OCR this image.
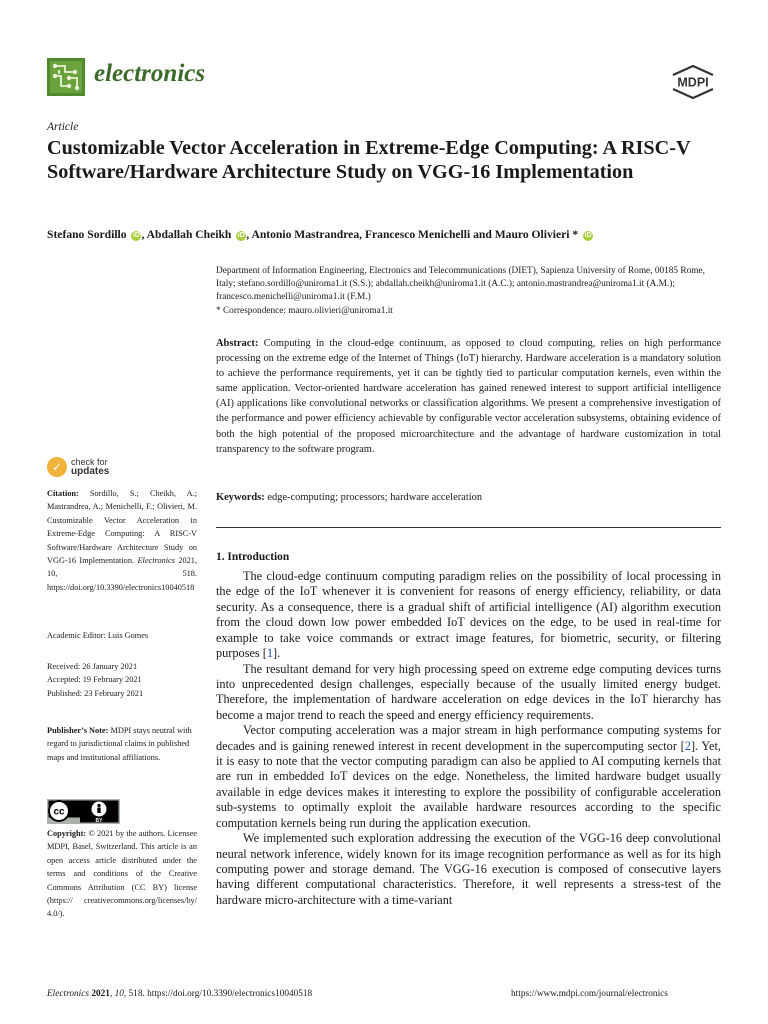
electronics	MDPI
Article
Customizable Vector Acceleration in Extreme-Edge Computing: A RISC-V Software/Hardware Architecture Study on VGG-16 Implementation
Stefano Sordillo iD , Abdallah Cheikh iD , Antonio Mastrandrea, Francesco Menichelli and Mauro Olivieri * iD
Department of Information Engineering, Electronics and Telecommunications (DIET), Sapienza University of Rome, 00185 Rome, Italy; stefano.sordillo@uniroma1.it (S.S.); abdallah.cheikh@uniroma1.it (A.C.); antonio.mastrandrea@uniroma1.it (A.M.); francesco.menichelli@uniroma1.it (F.M.)
* Correspondence: mauro.olivieri@uniroma1.it
Abstract: Computing in the cloud-edge continuum, as opposed to cloud computing, relies on high performance processing on the extreme edge of the Internet of Things (IoT) hierarchy. Hardware acceleration is a mandatory solution to achieve the performance requirements, yet it can be tightly tied to particular computation kernels, even within the same application. Vector-oriented hardware acceleration has gained renewed interest to support artificial intelligence (AI) applications like convolutional networks or classification algorithms. We present a comprehensive investigation of the performance and power efficiency achievable by configurable vector acceleration subsystems, obtaining evidence of both the high potential of the proposed microarchitecture and the advantage of hardware customization in total transparency to the software program.
Keywords: edge-computing; processors; hardware acceleration
✓ check for
updates
Citation: Sordillo, S.; Cheikh, A.; Mastrandrea, A.; Menichelli, F.; Olivieri, M. Customizable Vector Acceleration in Extreme-Edge Computing: A RISC-V Software/Hardware Architecture Study on VGG-16 Implementation. Electronics 2021, 10, 518. https://doi.org/10.3390/electronics10040518
Academic Editor: Luis Gomes
Received: 26 January 2021
Accepted: 19 February 2021
Published: 23 February 2021
Publisher’s Note: MDPI stays neutral with regard to jurisdictional claims in published maps and institutional affiliations.
cc
BY
Copyright: © 2021 by the authors. Licensee MDPI, Basel, Switzerland. This article is an open access article distributed under the terms and conditions of the Creative Commons Attribution (CC BY) license (https:// creativecommons.org/licenses/by/ 4.0/).
1. Introduction

The cloud-edge continuum computing paradigm relies on the possibility of local processing in the edge of the IoT whenever it is convenient for reasons of energy efficiency, reliability, or data security. As a consequence, there is a gradual shift of artificial intelligence (AI) algorithm execution from the cloud down low power embedded IoT devices on the edge, to be used in real-time for example to take voice commands or extract image features, for biometric, security, or filtering purposes [1].

The resultant demand for very high processing speed on extreme edge computing devices turns into unprecedented design challenges, especially because of the usually limited energy budget. Therefore, the implementation of hardware acceleration on edge devices in the IoT hierarchy has become a major trend to reach the speed and energy efficiency requirements.

Vector computing acceleration was a major stream in high performance computing systems for decades and is gaining renewed interest in recent development in the supercomputing sector [2]. Yet, it is easy to note that the vector computing paradigm can also be applied to AI computing kernels that are run in embedded IoT devices on the edge. Nonetheless, the limited hardware budget usually available in edge devices makes it interesting to explore the possibility of configurable acceleration sub-systems to optimally exploit the available hardware resources according to the specific computation kernels being run during the application execution.

We implemented such exploration addressing the execution of the VGG-16 deep convolutional neural network inference, widely known for its image recognition performance as well as for its high computing power and storage demand. The VGG-16 execution is composed of consecutive layers having different computational characteristics. Therefore, it well represents a stress-test of the hardware micro-architecture with a time-variant

Electronics 2021, 10, 518. https://doi.org/10.3390/electronics10040518	https://www.mdpi.com/journal/electronics
